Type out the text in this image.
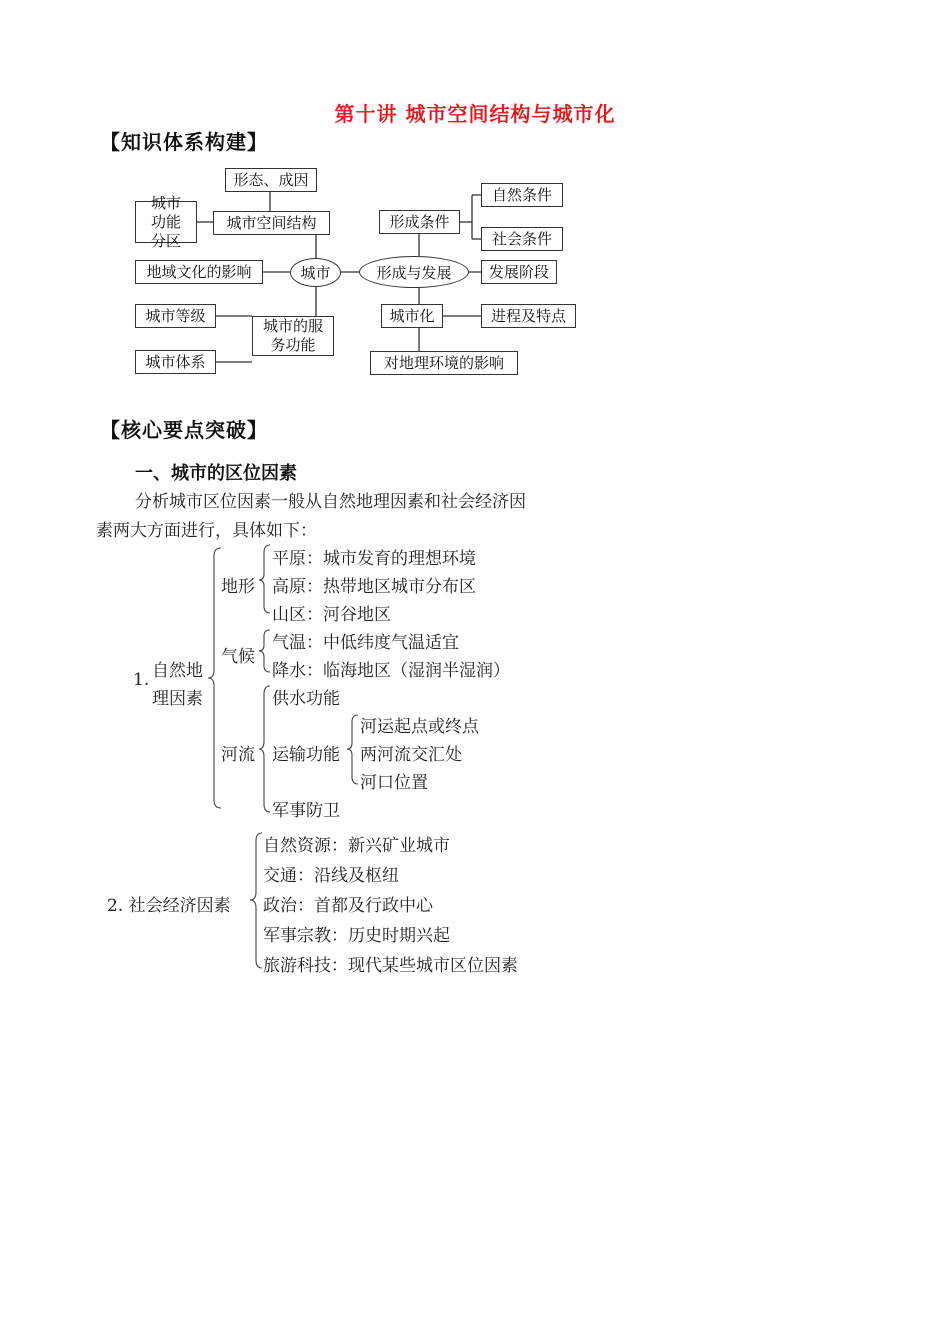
第十讲 城市空间结构与城市化
【知识体系构建】
形态、成因
城市功能分区
城市空间结构
地域文化的影响	城市	形成与发展
形成条件
自然条件
社会条件
发展阶段
城市等级
城市的服务功能
城市体系
城市化	进程及特点
对地理环境的影响
【核心要点突破】
一、城市的区位因素
分析城市区位因素一般从自然地理因素和社会经济因
素两大方面进行，具体如下：
1. 自然地
理因素
地形
平原：城市发育的理想环境
高原：热带地区城市分布区
山区：河谷地区
气候
气温：中低纬度气温适宜
降水：临海地区（湿润半湿润）
河流
供水功能
运输功能
河运起点或终点
两河流交汇处
河口位置
军事防卫
2. 社会经济因素
自然资源：新兴矿业城市
交通：沿线及枢纽
政治：首都及行政中心
军事宗教：历史时期兴起
旅游科技：现代某些城市区位因素
